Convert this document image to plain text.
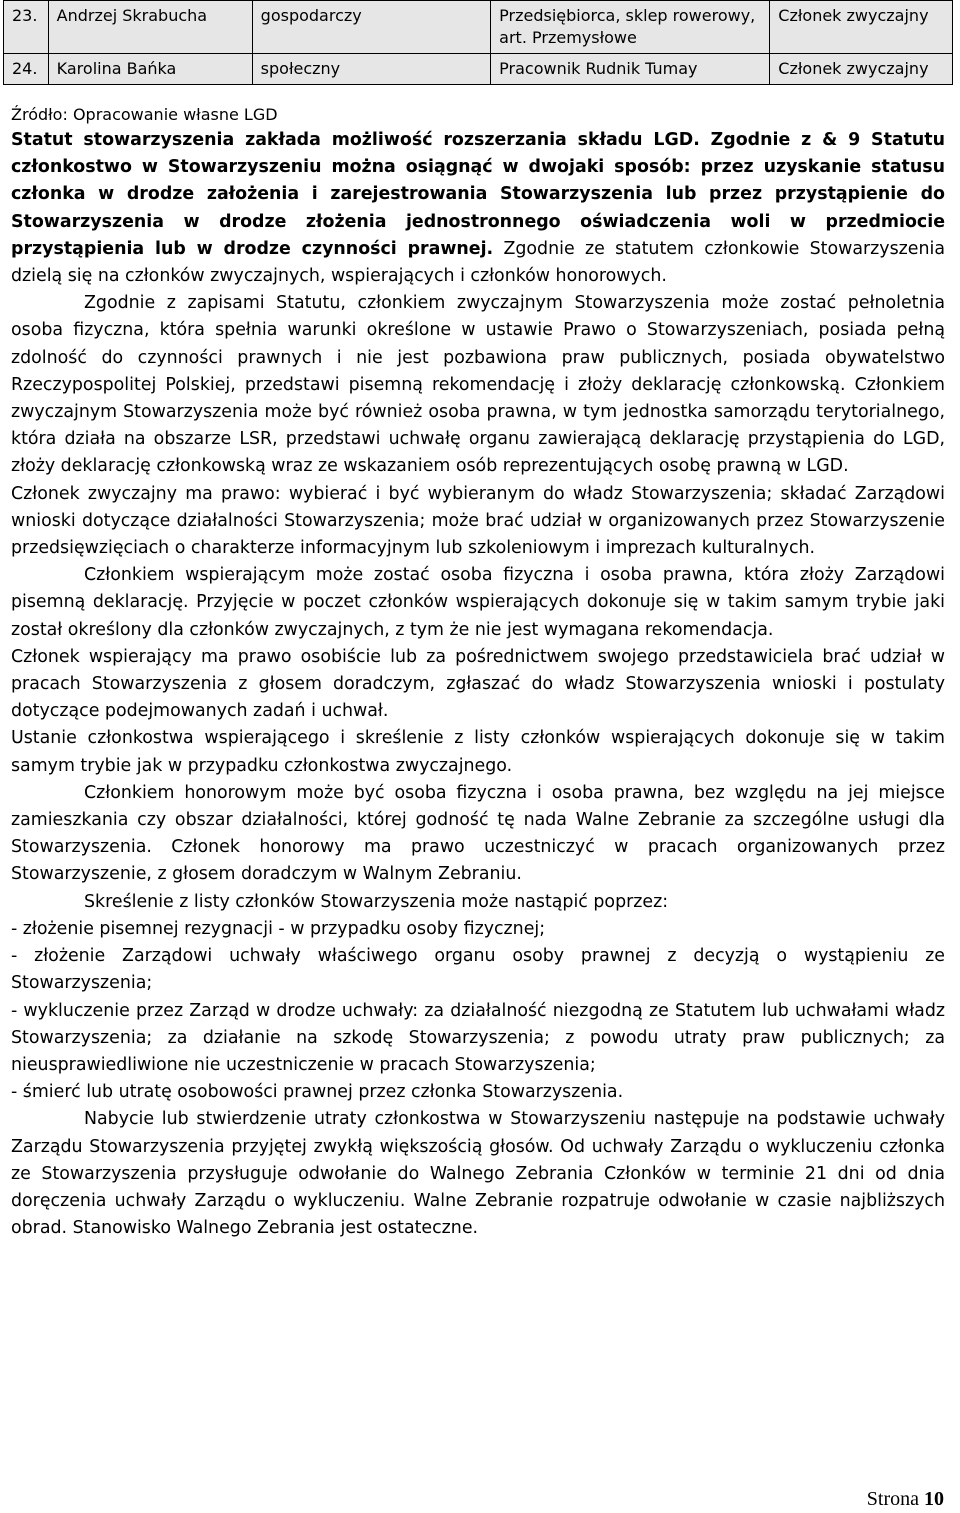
23.	Andrzej Skrabucha	gospodarczy	Przedsiębiorca, sklep rowerowy, art. Przemysłowe	Członek zwyczajny
24.	Karolina Bańka	społeczny	Pracownik Rudnik Tumay	Członek zwyczajny
Źródło: Opracowanie własne LGD

Statut stowarzyszenia zakłada możliwość rozszerzania składu LGD. Zgodnie z & 9 Statutu członkostwo w Stowarzyszeniu można osiągnąć w dwojaki sposób: przez uzyskanie statusu członka w drodze założenia i zarejestrowania Stowarzyszenia lub przez przystąpienie do Stowarzyszenia w drodze złożenia jednostronnego oświadczenia woli w przedmiocie przystąpienia lub w drodze czynności prawnej. Zgodnie ze statutem członkowie Stowarzyszenia dzielą się na członków zwyczajnych, wspierających i członków honorowych.

Zgodnie z zapisami Statutu, członkiem zwyczajnym Stowarzyszenia może zostać pełnoletnia osoba fizyczna, która spełnia warunki określone w ustawie Prawo o Stowarzyszeniach, posiada pełną zdolność do czynności prawnych i nie jest pozbawiona praw publicznych, posiada obywatelstwo Rzeczypospolitej Polskiej, przedstawi pisemną rekomendację i złoży deklarację członkowską. Członkiem zwyczajnym Stowarzyszenia może być również osoba prawna, w tym jednostka samorządu terytorialnego, która działa na obszarze LSR, przedstawi uchwałę organu zawierającą deklarację przystąpienia do LGD, złoży deklarację członkowską wraz ze wskazaniem osób reprezentujących osobę prawną w LGD.

Członek zwyczajny ma prawo: wybierać i być wybieranym do władz Stowarzyszenia; składać Zarządowi wnioski dotyczące działalności Stowarzyszenia; może brać udział w organizowanych przez Stowarzyszenie przedsięwzięciach o charakterze informacyjnym lub szkoleniowym i imprezach kulturalnych.

Członkiem wspierającym może zostać osoba fizyczna i osoba prawna, która złoży Zarządowi pisemną deklarację. Przyjęcie w poczet członków wspierających dokonuje się w takim samym trybie jaki został określony dla członków zwyczajnych, z tym że nie jest wymagana rekomendacja.

Członek wspierający ma prawo osobiście lub za pośrednictwem swojego przedstawiciela brać udział w pracach Stowarzyszenia z głosem doradczym, zgłaszać do władz Stowarzyszenia wnioski i postulaty dotyczące podejmowanych zadań i uchwał.

Ustanie członkostwa wspierającego i skreślenie z listy członków wspierających dokonuje się w takim samym trybie jak w przypadku członkostwa zwyczajnego.

Członkiem honorowym może być osoba fizyczna i osoba prawna, bez względu na jej miejsce zamieszkania czy obszar działalności, której godność tę nada Walne Zebranie za szczególne usługi dla Stowarzyszenia. Członek honorowy ma prawo uczestniczyć w pracach organizowanych przez Stowarzyszenie, z głosem doradczym w Walnym Zebraniu.

Skreślenie z listy członków Stowarzyszenia może nastąpić poprzez:

- złożenie pisemnej rezygnacji - w przypadku osoby fizycznej;

- złożenie Zarządowi uchwały właściwego organu osoby prawnej z decyzją o wystąpieniu ze Stowarzyszenia;

- wykluczenie przez Zarząd w drodze uchwały: za działalność niezgodną ze Statutem lub uchwałami władz Stowarzyszenia; za działanie na szkodę Stowarzyszenia; z powodu utraty praw publicznych; za nieusprawiedliwione nie uczestniczenie w pracach Stowarzyszenia;

- śmierć lub utratę osobowości prawnej przez członka Stowarzyszenia.

Nabycie lub stwierdzenie utraty członkostwa w Stowarzyszeniu następuje na podstawie uchwały Zarządu Stowarzyszenia przyjętej zwykłą większością głosów. Od uchwały Zarządu o wykluczeniu członka ze Stowarzyszenia przysługuje odwołanie do Walnego Zebrania Członków w terminie 21 dni od dnia doręczenia uchwały Zarządu o wykluczeniu. Walne Zebranie rozpatruje odwołanie w czasie najbliższych obrad. Stanowisko Walnego Zebrania jest ostateczne.

Strona 10
